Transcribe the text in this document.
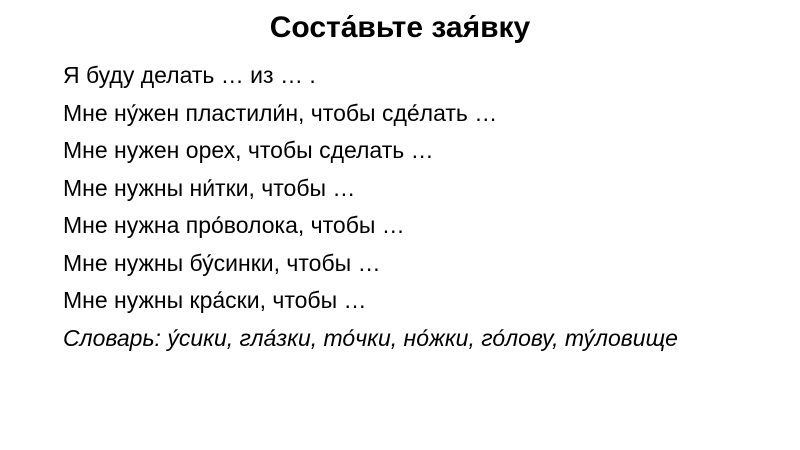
Соста́вьте зая́вку
Я буду делать … из … .
Мне ну́жен пластили́н, чтобы сде́лать …
Мне нужен орех, чтобы сделать …
Мне нужны ни́тки, чтобы …
Мне нужна про́волока, чтобы …
Мне нужны бу́синки, чтобы …
Мне нужны кра́ски, чтобы …
Словарь: у́сики, гла́зки, то́чки, но́жки, го́лову, ту́ловище
